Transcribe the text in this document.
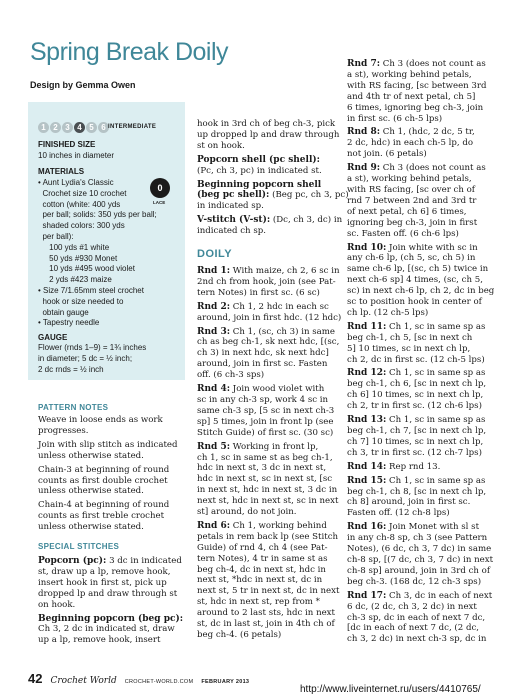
Spring Break Doily
Design by Gemma Owen
1 2 3 4 5 6 INTERMEDIATE
FINISHED SIZE
10 inches in diameter
MATERIALS
• Aunt Lydia's Classic
Crochet size 10 crochet
cotton (white: 400 yds
per ball; solids: 350 yds per ball;
shaded colors: 300 yds
per ball):
100 yds #1 white
50 yds #930 Monet
10 yds #495 wood violet
2 yds #423 maize
• Size 7/1.65mm steel crochet
hook or size needed to
obtain gauge
• Tapestry needle
0
LACE
GAUGE
Flower (rnds 1–9) = 1¾ inches
in diameter; 5 dc = ½ inch;
2 dc rnds = ½ inch
PATTERN NOTES

Weave in loose ends as work
progresses.

Join with slip stitch as indicated
unless otherwise stated.

Chain-3 at beginning of round
counts as first double crochet
unless otherwise stated.

Chain-4 at beginning of round
counts as first treble crochet
unless otherwise stated.

SPECIAL STITCHES

Popcorn (pc): 3 dc in indicated
st, draw up a lp, remove hook,
insert hook in first st, pick up
dropped lp and draw through st
on hook.

Beginning popcorn (beg pc):
Ch 3, 2 dc in indicated st, draw
up a lp, remove hook, insert

hook in 3rd ch of beg ch-3, pick
up dropped lp and draw through
st on hook.

Popcorn shell (pc shell):
(Pc, ch 3, pc) in indicated st.

Beginning popcorn shell
(beg pc shell): (Beg pc, ch 3, pc)
in indicated sp.

V-stitch (V-st): (Dc, ch 3, dc) in
indicated ch sp.

DOILY

Rnd 1: With maize, ch 2, 6 sc in
2nd ch from hook, join (see Pat-
tern Notes) in first sc. (6 sc)

Rnd 2: Ch 1, 2 hdc in each sc
around, join in first hdc. (12 hdc)

Rnd 3: Ch 1, (sc, ch 3) in same
ch as beg ch-1, sk next hdc, [(sc,
ch 3) in next hdc, sk next hdc]
around, join in first sc. Fasten
off. (6 ch-3 sps)

Rnd 4: Join wood violet with
sc in any ch-3 sp, work 4 sc in
same ch-3 sp, [5 sc in next ch-3
sp] 5 times, join in front lp (see
Stitch Guide) of first sc. (30 sc)

Rnd 5: Working in front lp,
ch 1, sc in same st as beg ch-1,
hdc in next st, 3 dc in next st,
hdc in next st, sc in next st, [sc
in next st, hdc in next st, 3 dc in
next st, hdc in next st, sc in next
st] around, do not join.

Rnd 6: Ch 1, working behind
petals in rem back lp (see Stitch
Guide) of rnd 4, ch 4 (see Pat-
tern Notes), 4 tr in same st as
beg ch-4, dc in next st, hdc in
next st, *hdc in next st, dc in
next st, 5 tr in next st, dc in next
st, hdc in next st, rep from *
around to 2 last sts, hdc in next
st, dc in last st, join in 4th ch of
beg ch-4. (6 petals)

Rnd 7: Ch 3 (does not count as
a st), working behind petals,
with RS facing, [sc between 3rd
and 4th tr of next petal, ch 5]
6 times, ignoring beg ch-3, join
in first sc. (6 ch-5 lps)

Rnd 8: Ch 1, (hdc, 2 dc, 5 tr,
2 dc, hdc) in each ch-5 lp, do
not join. (6 petals)

Rnd 9: Ch 3 (does not count as
a st), working behind petals,
with RS facing, [sc over ch of
rnd 7 between 2nd and 3rd tr
of next petal, ch 6] 6 times,
ignoring beg ch-3, join in first
sc. Fasten off. (6 ch-6 lps)

Rnd 10: Join white with sc in
any ch-6 lp, (ch 5, sc, ch 5) in
same ch-6 lp, [(sc, ch 5) twice in
next ch-6 sp] 4 times, (sc, ch 5,
sc) in next ch-6 lp, ch 2, dc in beg
sc to position hook in center of
ch lp. (12 ch-5 lps)

Rnd 11: Ch 1, sc in same sp as
beg ch-1, ch 5, [sc in next ch
5] 10 times, sc in next ch lp,
ch 2, dc in first sc. (12 ch-5 lps)

Rnd 12: Ch 1, sc in same sp as
beg ch-1, ch 6, [sc in next ch lp,
ch 6] 10 times, sc in next ch lp,
ch 2, tr in first sc. (12 ch-6 lps)

Rnd 13: Ch 1, sc in same sp as
beg ch-1, ch 7, [sc in next ch lp,
ch 7] 10 times, sc in next ch lp,
ch 3, tr in first sc. (12 ch-7 lps)

Rnd 14: Rep rnd 13.

Rnd 15: Ch 1, sc in same sp as
beg ch-1, ch 8, [sc in next ch lp,
ch 8] around, join in first sc.
Fasten off. (12 ch-8 lps)

Rnd 16: Join Monet with sl st
in any ch-8 sp, ch 3 (see Pattern
Notes), (6 dc, ch 3, 7 dc) in same
ch-8 sp, [(7 dc, ch 3, 7 dc) in next
ch-8 sp] around, join in 3rd ch of
beg ch-3. (168 dc, 12 ch-3 sps)

Rnd 17: Ch 3, dc in each of next
6 dc, (2 dc, ch 3, 2 dc) in next
ch-3 sp, dc in each of next 7 dc,
[dc in each of next 7 dc, (2 dc,
ch 3, 2 dc) in next ch-3 sp, dc in

42 Crochet World CROCHET-WORLD.COM FEBRUARY 2013
http://www.liveinternet.ru/users/4410765/
